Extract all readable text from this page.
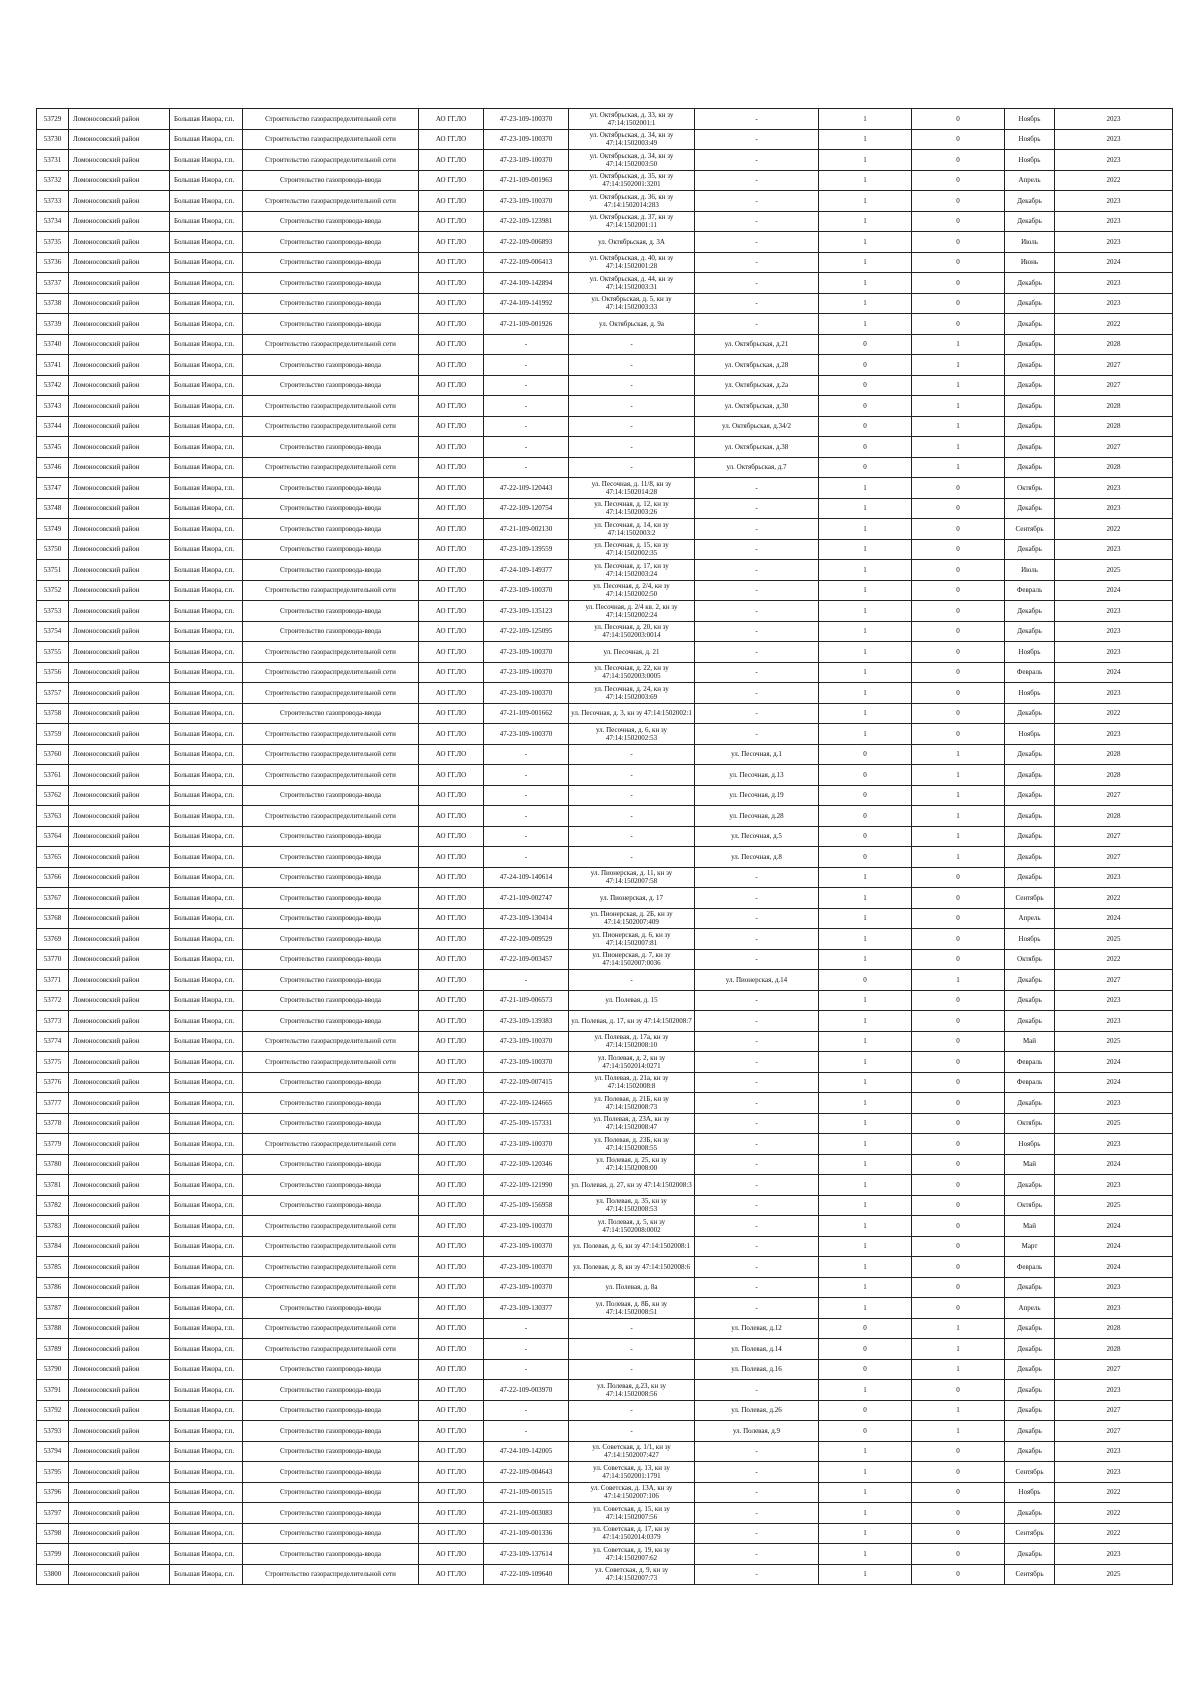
53729	Ломоносовский район	Большая Ижора, г.п.	Строительство газораспределительной сети	АО ГГ.ЛО	47-23-109-100370	ул. Октябрьская, д. 33, кн зу 47:14:1502001:1	-	1	0	Ноябрь	2023
53730	Ломоносовский район	Большая Ижора, г.п.	Строительство газораспределительной сети	АО ГГ.ЛО	47-23-109-100370	ул. Октябрьская, д. 34, кн зу 47:14:1502003:49	-	1	0	Ноябрь	2023
53731	Ломоносовский район	Большая Ижора, г.п.	Строительство газораспределительной сети	АО ГГ.ЛО	47-23-109-100370	ул. Октябрьская, д. 34, кн зу 47:14:1502003:50	-	1	0	Ноябрь	2023
53732	Ломоносовский район	Большая Ижора, г.п.	Строительство газопровода-ввода	АО ГГ.ЛО	47-21-109-001963	ул. Октябрьская, д. 35, кн зу 47:14:1502001:3201	-	1	0	Апрель	2022
53733	Ломоносовский район	Большая Ижора, г.п.	Строительство газораспределительной сети	АО ГГ.ЛО	47-23-109-100370	ул. Октябрьская, д. 36, кн зу 47:14:1502014:283	-	1	0	Декабрь	2023
53734	Ломоносовский район	Большая Ижора, г.п.	Строительство газопровода-ввода	АО ГГ.ЛО	47-22-109-123981	ул. Октябрьская, д. 37, кн зу 47:14:1502001:11	-	1	0	Декабрь	2023
53735	Ломоносовский район	Большая Ижора, г.п.	Строительство газопровода-ввода	АО ГГ.ЛО	47-22-109-006893	ул. Октябрьская, д. 3А	-	1	0	Июль	2023
53736	Ломоносовский район	Большая Ижора, г.п.	Строительство газопровода-ввода	АО ГГ.ЛО	47-22-109-006413	ул. Октябрьская, д. 40, кн зу 47:14:1502001:28	-	1	0	Июнь	2024
53737	Ломоносовский район	Большая Ижора, г.п.	Строительство газопровода-ввода	АО ГГ.ЛО	47-24-109-142894	ул. Октябрьская, д. 44, кн зу 47:14:1502003:31	-	1	0	Декабрь	2023
53738	Ломоносовский район	Большая Ижора, г.п.	Строительство газопровода-ввода	АО ГГ.ЛО	47-24-109-141992	ул. Октябрьская, д. 5, кн зу 47:14:1502003:33	-	1	0	Декабрь	2023
53739	Ломоносовский район	Большая Ижора, г.п.	Строительство газопровода-ввода	АО ГГ.ЛО	47-21-109-001926	ул. Октябрьская, д. 9а	-	1	0	Декабрь	2022
53740	Ломоносовский район	Большая Ижора, г.п.	Строительство газораспределительной сети	АО ГГ.ЛО	-	-	ул. Октябрьская, д.21	0	1	Декабрь	2028
53741	Ломоносовский район	Большая Ижора, г.п.	Строительство газопровода-ввода	АО ГГ.ЛО	-	-	ул. Октябрьская, д.28	0	1	Декабрь	2027
53742	Ломоносовский район	Большая Ижора, г.п.	Строительство газопровода-ввода	АО ГГ.ЛО	-	-	ул. Октябрьская, д.2а	0	1	Декабрь	2027
53743	Ломоносовский район	Большая Ижора, г.п.	Строительство газораспределительной сети	АО ГГ.ЛО	-	-	ул. Октябрьская, д.30	0	1	Декабрь	2028
53744	Ломоносовский район	Большая Ижора, г.п.	Строительство газораспределительной сети	АО ГГ.ЛО	-	-	ул. Октябрьская, д.34/2	0	1	Декабрь	2028
53745	Ломоносовский район	Большая Ижора, г.п.	Строительство газопровода-ввода	АО ГГ.ЛО	-	-	ул. Октябрьская, д.38	0	1	Декабрь	2027
53746	Ломоносовский район	Большая Ижора, г.п.	Строительство газораспределительной сети	АО ГГ.ЛО	-	-	ул. Октябрьская, д.7	0	1	Декабрь	2028
53747	Ломоносовский район	Большая Ижора, г.п.	Строительство газопровода-ввода	АО ГГ.ЛО	47-22-109-120443	ул. Песочная, д. 11/8, кн зу 47:14:1502014:28	-	1	0	Октябрь	2023
53748	Ломоносовский район	Большая Ижора, г.п.	Строительство газопровода-ввода	АО ГГ.ЛО	47-22-109-120754	ул. Песочная, д. 12, кн зу 47:14:1502003:26	-	1	0	Декабрь	2023
53749	Ломоносовский район	Большая Ижора, г.п.	Строительство газопровода-ввода	АО ГГ.ЛО	47-21-109-002130	ул. Песочная, д. 14, кн зу 47:14:1502003:2	-	1	0	Сентябрь	2022
53750	Ломоносовский район	Большая Ижора, г.п.	Строительство газопровода-ввода	АО ГГ.ЛО	47-23-109-139559	ул. Песочная, д. 15, кн зу 47:14:1502002:35	-	1	0	Декабрь	2023
53751	Ломоносовский район	Большая Ижора, г.п.	Строительство газопровода-ввода	АО ГГ.ЛО	47-24-109-149377	ул. Песочная, д. 17, кн зу 47:14:1502003:24	-	1	0	Июль	2025
53752	Ломоносовский район	Большая Ижора, г.п.	Строительство газораспределительной сети	АО ГГ.ЛО	47-23-109-100370	ул. Песочная, д. 2/4, кн зу 47:14:1502002:50	-	1	0	Февраль	2024
53753	Ломоносовский район	Большая Ижора, г.п.	Строительство газопровода-ввода	АО ГГ.ЛО	47-23-109-135123	ул. Песочная, д. 2/4 кв. 2, кн зу 47:14:1502002:24	-	1	0	Декабрь	2023
53754	Ломоносовский район	Большая Ижора, г.п.	Строительство газопровода-ввода	АО ГГ.ЛО	47-22-109-125095	ул. Песочная, д. 20, кн зу 47:14:1502003:0014	-	1	0	Декабрь	2023
53755	Ломоносовский район	Большая Ижора, г.п.	Строительство газораспределительной сети	АО ГГ.ЛО	47-23-109-100370	ул. Песочная, д. 21	-	1	0	Ноябрь	2023
53756	Ломоносовский район	Большая Ижора, г.п.	Строительство газораспределительной сети	АО ГГ.ЛО	47-23-109-100370	ул. Песочная, д. 22, кн зу 47:14:1502003:0005	-	1	0	Февраль	2024
53757	Ломоносовский район	Большая Ижора, г.п.	Строительство газораспределительной сети	АО ГГ.ЛО	47-23-109-100370	ул. Песочная, д. 24, кн зу 47:14:1502003:69	-	1	0	Ноябрь	2023
53758	Ломоносовский район	Большая Ижора, г.п.	Строительство газопровода-ввода	АО ГГ.ЛО	47-21-109-001662	ул. Песочная, д. 3, кн зу 47:14:1502002:1	-	1	0	Декабрь	2022
53759	Ломоносовский район	Большая Ижора, г.п.	Строительство газораспределительной сети	АО ГГ.ЛО	47-23-109-100370	ул. Песочная, д. 6, кн зу 47:14:1502002:53	-	1	0	Ноябрь	2023
53760	Ломоносовский район	Большая Ижора, г.п.	Строительство газораспределительной сети	АО ГГ.ЛО	-	-	ул. Песочная, д.1	0	1	Декабрь	2028
53761	Ломоносовский район	Большая Ижора, г.п.	Строительство газораспределительной сети	АО ГГ.ЛО	-	-	ул. Песочная, д.13	0	1	Декабрь	2028
53762	Ломоносовский район	Большая Ижора, г.п.	Строительство газопровода-ввода	АО ГГ.ЛО	-	-	ул. Песочная, д.19	0	1	Декабрь	2027
53763	Ломоносовский район	Большая Ижора, г.п.	Строительство газораспределительной сети	АО ГГ.ЛО	-	-	ул. Песочная, д.28	0	1	Декабрь	2028
53764	Ломоносовский район	Большая Ижора, г.п.	Строительство газопровода-ввода	АО ГГ.ЛО	-	-	ул. Песочная, д.5	0	1	Декабрь	2027
53765	Ломоносовский район	Большая Ижора, г.п.	Строительство газопровода-ввода	АО ГГ.ЛО	-	-	ул. Песочная, д.8	0	1	Декабрь	2027
53766	Ломоносовский район	Большая Ижора, г.п.	Строительство газопровода-ввода	АО ГГ.ЛО	47-24-109-140614	ул. Пионерская, д. 11, кн зу 47:14:1502007:58	-	1	0	Декабрь	2023
53767	Ломоносовский район	Большая Ижора, г.п.	Строительство газопровода-ввода	АО ГГ.ЛО	47-21-109-002747	ул. Пионерская, д. 17	-	1	0	Сентябрь	2022
53768	Ломоносовский район	Большая Ижора, г.п.	Строительство газопровода-ввода	АО ГГ.ЛО	47-23-109-130414	ул. Пионерская, д. 2Б, кн зу 47:14:1502007:409	-	1	0	Апрель	2024
53769	Ломоносовский район	Большая Ижора, г.п.	Строительство газопровода-ввода	АО ГГ.ЛО	47-22-109-009529	ул. Пионерская, д. 6, кн зу 47:14:1502007:81	-	1	0	Ноябрь	2025
53770	Ломоносовский район	Большая Ижора, г.п.	Строительство газопровода-ввода	АО ГГ.ЛО	47-22-109-003457	ул. Пионерская, д. 7, кн зу 47:14:1502007:0036	-	1	0	Октябрь	2022
53771	Ломоносовский район	Большая Ижора, г.п.	Строительство газопровода-ввода	АО ГГ.ЛО	-	-	ул. Пионерская, д.14	0	1	Декабрь	2027
53772	Ломоносовский район	Большая Ижора, г.п.	Строительство газопровода-ввода	АО ГГ.ЛО	47-21-109-006573	ул. Полевая, д. 15	-	1	0	Декабрь	2023
53773	Ломоносовский район	Большая Ижора, г.п.	Строительство газопровода-ввода	АО ГГ.ЛО	47-23-109-139383	ул. Полевая, д. 17, кн зу 47:14:1502008:7	-	1	0	Декабрь	2023
53774	Ломоносовский район	Большая Ижора, г.п.	Строительство газораспределительной сети	АО ГГ.ЛО	47-23-109-100370	ул. Полевая, д. 17а, кн зу 47:14:1502008:10	-	1	0	Май	2025
53775	Ломоносовский район	Большая Ижора, г.п.	Строительство газораспределительной сети	АО ГГ.ЛО	47-23-109-100370	ул. Полевая, д. 2, кн зу 47:14:1502014:0271	-	1	0	Февраль	2024
53776	Ломоносовский район	Большая Ижора, г.п.	Строительство газопровода-ввода	АО ГГ.ЛО	47-22-109-007415	ул. Полевая, д. 21а, кн зу 47:14:1502008:8	-	1	0	Февраль	2024
53777	Ломоносовский район	Большая Ижора, г.п.	Строительство газопровода-ввода	АО ГГ.ЛО	47-22-109-124665	ул. Полевая, д. 21Б, кн зу 47:14:1502008:73	-	1	0	Декабрь	2023
53778	Ломоносовский район	Большая Ижора, г.п.	Строительство газопровода-ввода	АО ГГ.ЛО	47-25-109-157331	ул. Полевая, д. 23А, кн зу 47:14:1502008:47	-	1	0	Октябрь	2025
53779	Ломоносовский район	Большая Ижора, г.п.	Строительство газораспределительной сети	АО ГГ.ЛО	47-23-109-100370	ул. Полевая, д. 23Б, кн зу 47:14:1502008:55	-	1	0	Ноябрь	2023
53780	Ломоносовский район	Большая Ижора, г.п.	Строительство газопровода-ввода	АО ГГ.ЛО	47-22-109-120346	ул. Полевая, д. 25, кн зу 47:14:1502008:00	-	1	0	Май	2024
53781	Ломоносовский район	Большая Ижора, г.п.	Строительство газопровода-ввода	АО ГГ.ЛО	47-22-109-121990	ул. Полевая, д. 27, кн зу 47:14:1502008:3	-	1	0	Декабрь	2023
53782	Ломоносовский район	Большая Ижора, г.п.	Строительство газопровода-ввода	АО ГГ.ЛО	47-25-109-156958	ул. Полевая, д. 35, кн зу 47:14:1502008:53	-	1	0	Октябрь	2025
53783	Ломоносовский район	Большая Ижора, г.п.	Строительство газораспределительной сети	АО ГГ.ЛО	47-23-109-100370	ул. Полевая, д. 5, кн зу 47:14:1502008:0002	-	1	0	Май	2024
53784	Ломоносовский район	Большая Ижора, г.п.	Строительство газораспределительной сети	АО ГГ.ЛО	47-23-109-100370	ул. Полевая, д. 6, кн зу 47:14:1502008:1	-	1	0	Март	2024
53785	Ломоносовский район	Большая Ижора, г.п.	Строительство газораспределительной сети	АО ГГ.ЛО	47-23-109-100370	ул. Полевая, д. 8, кн зу 47:14:1502008:6	-	1	0	Февраль	2024
53786	Ломоносовский район	Большая Ижора, г.п.	Строительство газораспределительной сети	АО ГГ.ЛО	47-23-109-100370	ул. Полевая, д. 8а	-	1	0	Декабрь	2023
53787	Ломоносовский район	Большая Ижора, г.п.	Строительство газопровода-ввода	АО ГГ.ЛО	47-23-109-130377	ул. Полевая, д. 8Б, кн зу 47:14:1502008:51	-	1	0	Апрель	2023
53788	Ломоносовский район	Большая Ижора, г.п.	Строительство газораспределительной сети	АО ГГ.ЛО	-	-	ул. Полевая, д.12	0	1	Декабрь	2028
53789	Ломоносовский район	Большая Ижора, г.п.	Строительство газораспределительной сети	АО ГГ.ЛО	-	-	ул. Полевая, д.14	0	1	Декабрь	2028
53790	Ломоносовский район	Большая Ижора, г.п.	Строительство газопровода-ввода	АО ГГ.ЛО	-	-	ул. Полевая, д.16	0	1	Декабрь	2027
53791	Ломоносовский район	Большая Ижора, г.п.	Строительство газопровода-ввода	АО ГГ.ЛО	47-22-109-003970	ул. Полевая, д.23, кн зу 47:14:1502008:56	-	1	0	Декабрь	2023
53792	Ломоносовский район	Большая Ижора, г.п.	Строительство газопровода-ввода	АО ГГ.ЛО	-	-	ул. Полевая, д.26	0	1	Декабрь	2027
53793	Ломоносовский район	Большая Ижора, г.п.	Строительство газопровода-ввода	АО ГГ.ЛО	-	-	ул. Полевая, д.9	0	1	Декабрь	2027
53794	Ломоносовский район	Большая Ижора, г.п.	Строительство газопровода-ввода	АО ГГ.ЛО	47-24-109-142005	ул. Советская, д. 1/1, кн зу 47:14:1502007:427	-	1	0	Декабрь	2023
53795	Ломоносовский район	Большая Ижора, г.п.	Строительство газопровода-ввода	АО ГГ.ЛО	47-22-109-004643	ул. Советская, д. 13, кн зу 47:14:1502001:1791	-	1	0	Сентябрь	2023
53796	Ломоносовский район	Большая Ижора, г.п.	Строительство газопровода-ввода	АО ГГ.ЛО	47-21-109-001515	ул. Советская, д. 13А, кн зу 47:14:1502007:106	-	1	0	Ноябрь	2022
53797	Ломоносовский район	Большая Ижора, г.п.	Строительство газопровода-ввода	АО ГГ.ЛО	47-21-109-003083	ул. Советская, д. 15, кн зу 47:14:1502007:56	-	1	0	Декабрь	2022
53798	Ломоносовский район	Большая Ижора, г.п.	Строительство газопровода-ввода	АО ГГ.ЛО	47-21-109-001336	ул. Советская, д. 17, кн зу 47:14:1502014:0379	-	1	0	Сентябрь	2022
53799	Ломоносовский район	Большая Ижора, г.п.	Строительство газопровода-ввода	АО ГГ.ЛО	47-23-109-137614	ул. Советская, д. 19, кн зу 47:14:1502007:62	-	1	0	Декабрь	2023
53800	Ломоносовский район	Большая Ижора, г.п.	Строительство газораспределительной сети	АО ГГ.ЛО	47-22-109-109640	ул. Советская, д. 9, кн зу 47:14:1502007:73	-	1	0	Сентябрь	2025
